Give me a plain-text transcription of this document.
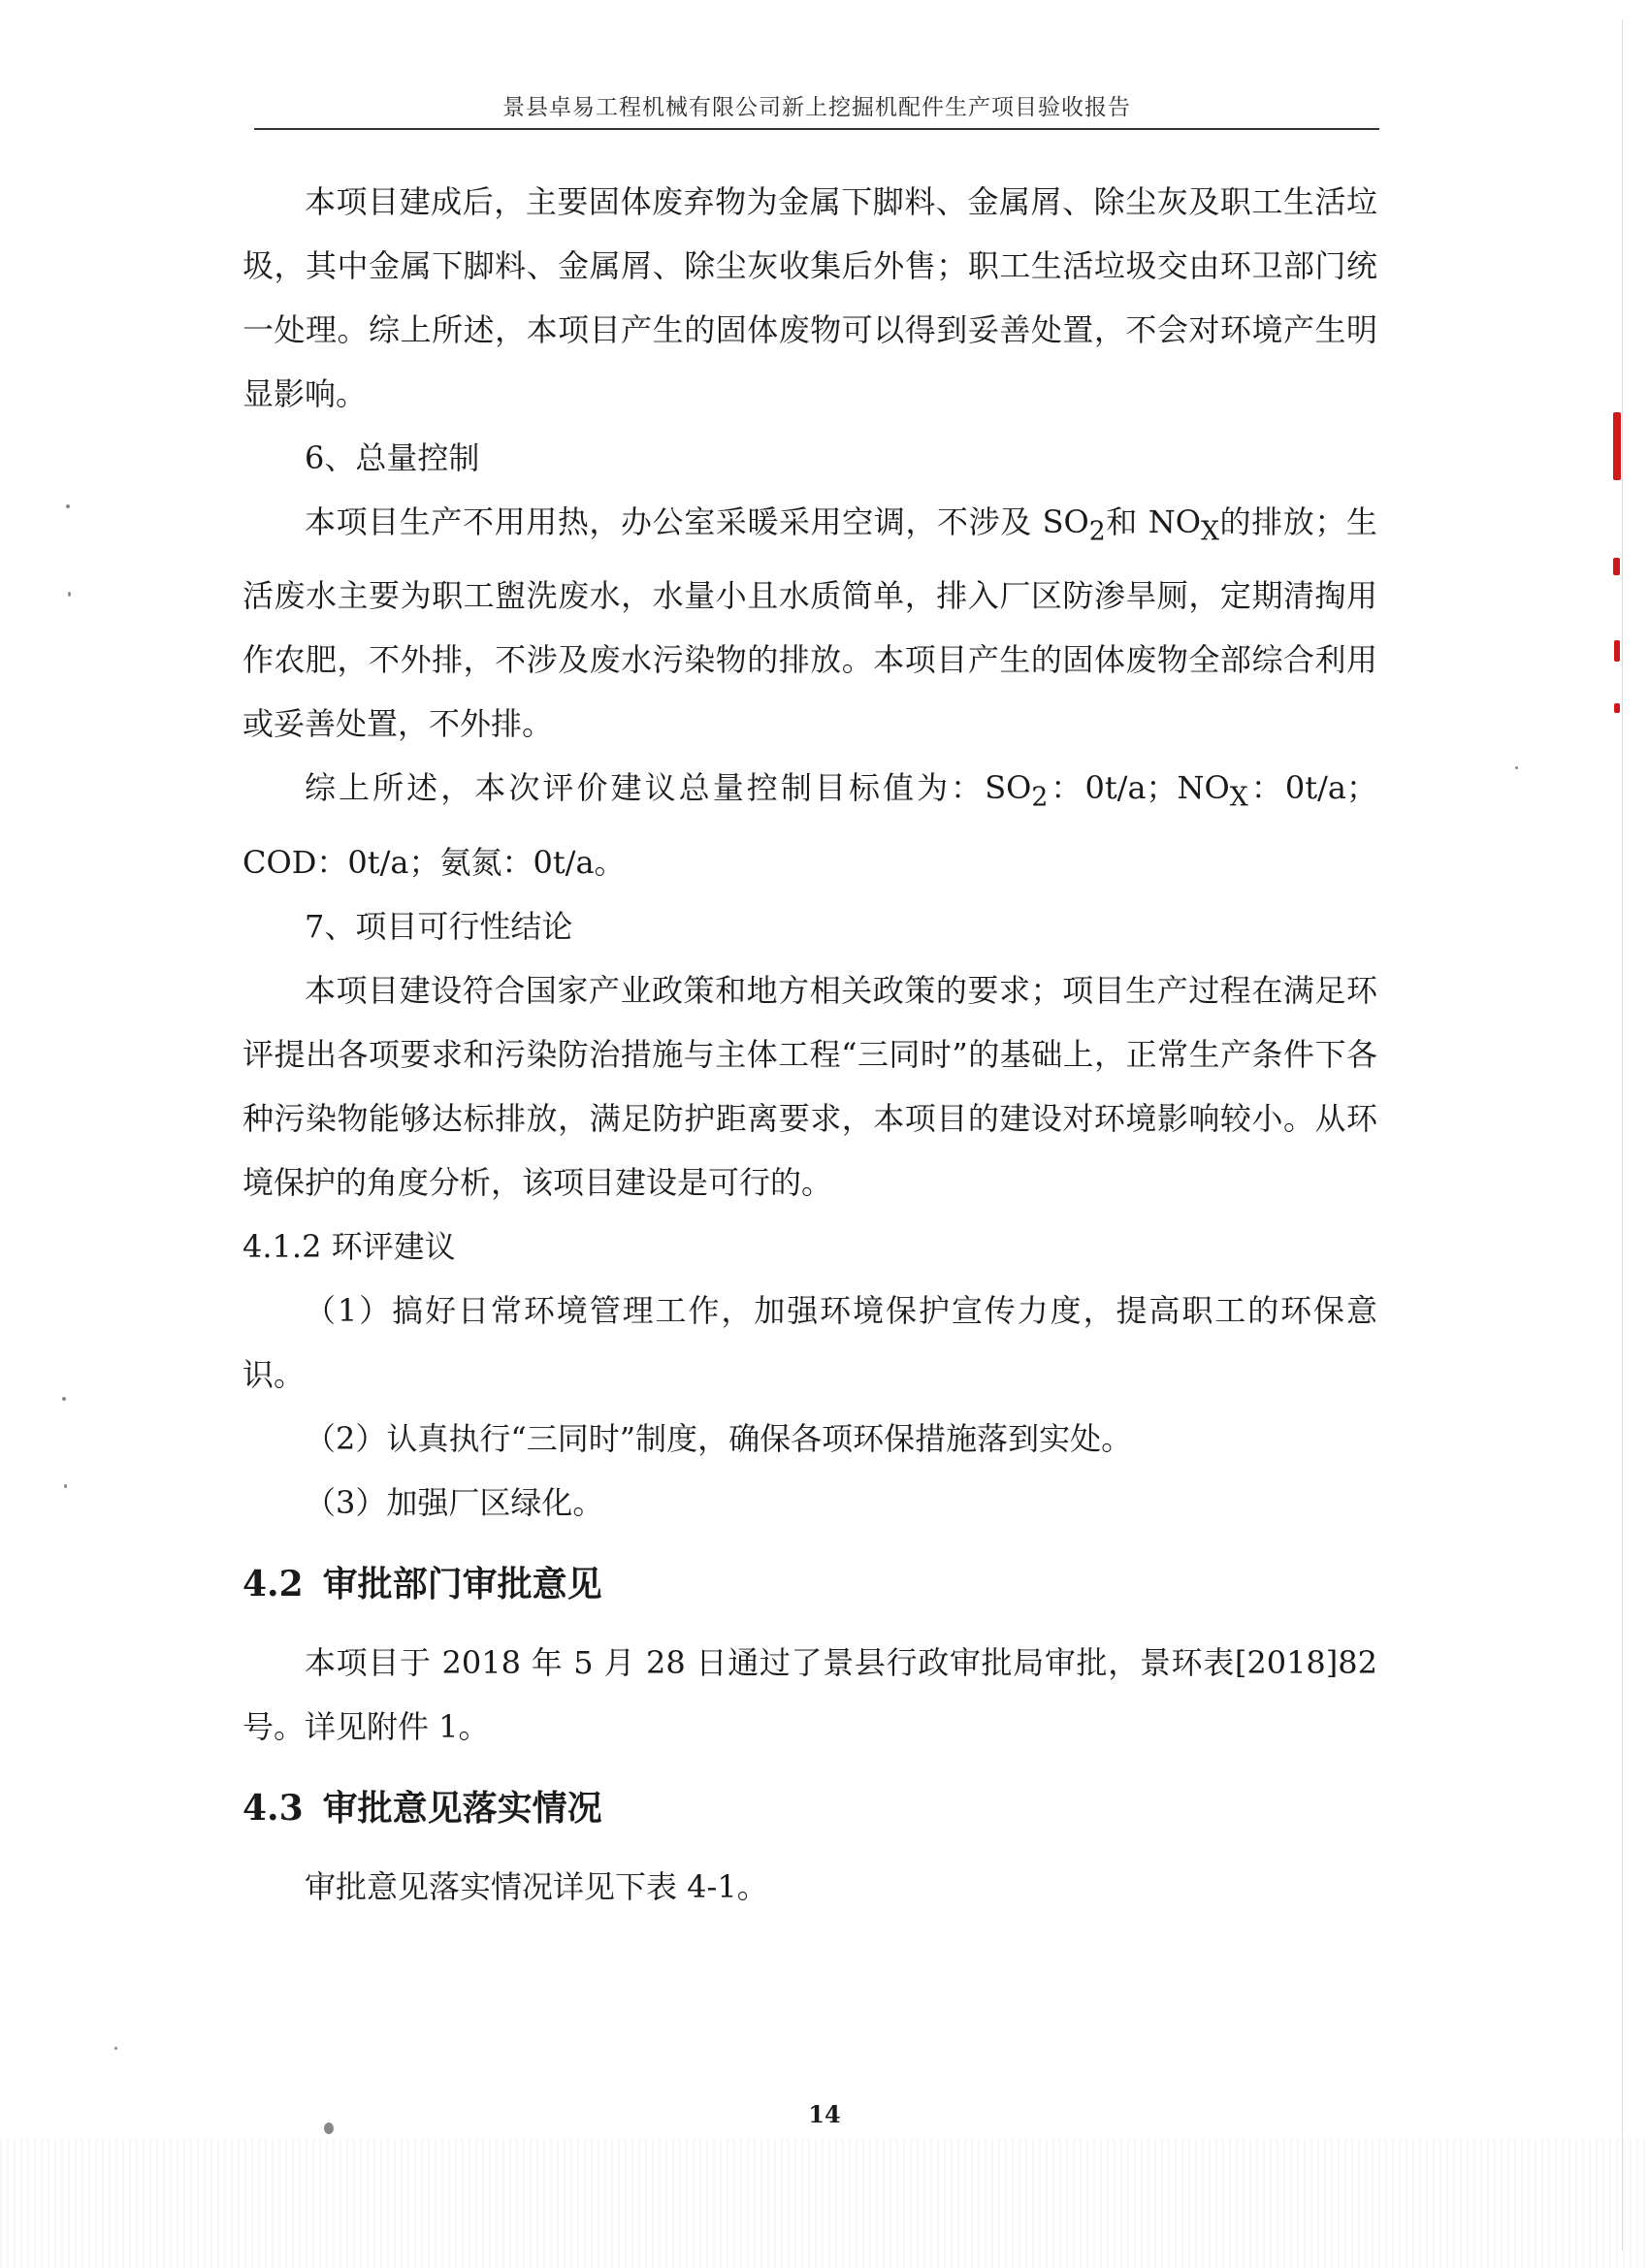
景县卓易工程机械有限公司新上挖掘机配件生产项目验收报告

本项目建成后，主要固体废弃物为金属下脚料、金属屑、除尘灰及职工生活垃圾，其中金属下脚料、金属屑、除尘灰收集后外售；职工生活垃圾交由环卫部门统一处理。综上所述，本项目产生的固体废物可以得到妥善处置，不会对环境产生明显影响。

6、总量控制

本项目生产不用用热，办公室采暖采用空调，不涉及 $SO_2$和 $NO_X$的排放；生活废水主要为职工盥洗废水，水量小且水质简单，排入厂区防渗旱厕，定期清掏用作农肥，不外排，不涉及废水污染物的排放。本项目产生的固体废物全部综合利用或妥善处置，不外排。

综上所述，本次评价建议总量控制目标值为：$SO_2$：0t/a；$NO_X$：0t/a；COD：0t/a；氨氮：0t/a。

7、项目可行性结论

本项目建设符合国家产业政策和地方相关政策的要求；项目生产过程在满足环评提出各项要求和污染防治措施与主体工程“三同时”的基础上，正常生产条件下各种污染物能够达标排放，满足防护距离要求，本项目的建设对环境影响较小。从环境保护的角度分析，该项目建设是可行的。

4.1.2 环评建议

（1）搞好日常环境管理工作，加强环境保护宣传力度，提高职工的环保意识。

（2）认真执行“三同时”制度，确保各项环保措施落到实处。

（3）加强厂区绿化。

4.2 审批部门审批意见

本项目于 2018 年 5 月 28 日通过了景县行政审批局审批，景环表[2018]82 号。详见附件 1。

4.3 审批意见落实情况

审批意见落实情况详见下表 4-1。

14
